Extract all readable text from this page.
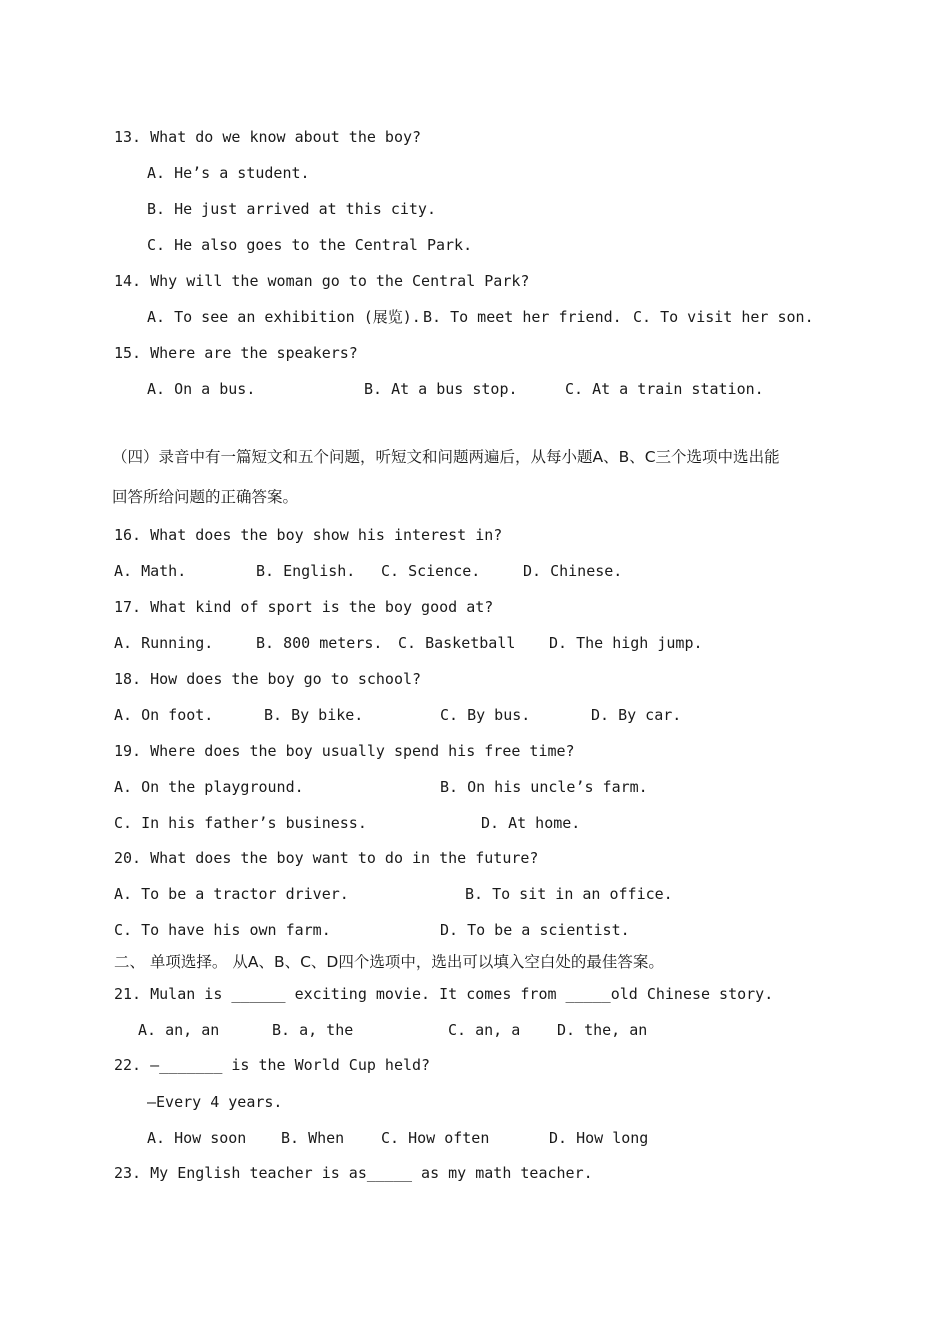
13. What do we know about the boy?
A. He’s a student.
B. He just arrived at this city.
C. He also goes to the Central Park.
14. Why will the woman go to the Central Park?
A. To see an exhibition (展览). B. To meet her friend. C. To visit her son.
15. Where are the speakers?
A. On a bus.	B. At a bus stop.	C. At a train station.
（四）录音中有一篇短文和五个问题，听短文和问题两遍后，从每小题A、B、C三个选项中选出能
回答所给问题的正确答案。
16. What does the boy show his interest in?
A. Math.	B. English. C. Science.	D. Chinese.
17. What kind of sport is the boy good at?
A. Running.	B. 800 meters. C. Basketball D. The high jump.
18. How does the boy go to school?
A. On foot.	B. By bike.	C. By bus.	D. By car.
19. Where does the boy usually spend his free time?
A. On the playground.	B. On his uncle’s farm.
C. In his father’s business.	D. At home.
20. What does the boy want to do in the future?
A. To be a tractor driver.	B. To sit in an office.
C. To have his own farm.	D. To be a scientist.
二、 单项选择。 从A、B、C、D四个选项中，选出可以填入空白处的最佳答案。
21. Mulan is ______ exciting movie. It comes from _____old Chinese story.
A. an, an	B. a, the	C. an, a D. the, an
22. —_______ is the World Cup held?
—Every 4 years.
A. How soon B. When C. How often	D. How long
23. My English teacher is as_____ as my math teacher.
